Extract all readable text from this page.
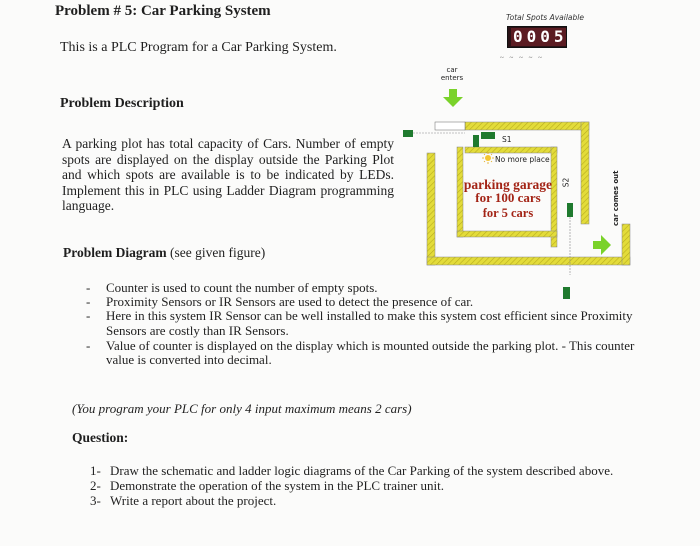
Problem # 5: Car Parking System
This is a PLC Program for a Car Parking System.
Problem Description
A parking plot has total capacity of Cars. Number of empty spots are displayed on the display outside the Parking Plot and which spots are available is to be indicated by LEDs. Implement this in PLC using Ladder Diagram programming language.
Problem Diagram (see given figure)
- Counter is used to count the number of empty spots.
- Proximity Sensors or IR Sensors are used to detect the presence of car.
- Here in this system IR Sensor can be well installed to make this system cost efficient since Proximity Sensors are costly than IR Sensors.
- Value of counter is displayed on the display which is mounted outside the parking plot. - This counter value is converted into decimal.
(You program your PLC for only 4 input maximum means 2 cars)
Question:
1- Draw the schematic and ladder logic diagrams of the Car Parking of the system described above.
2- Demonstrate the operation of the system in the PLC trainer unit.
3- Write a report about the project.
Total Spots Available
0 0 0 5
~ ~ ~ ~ ~
car enters
S1
No more place
S2
parking garage
for 100 cars
for 5 cars	car comes out
